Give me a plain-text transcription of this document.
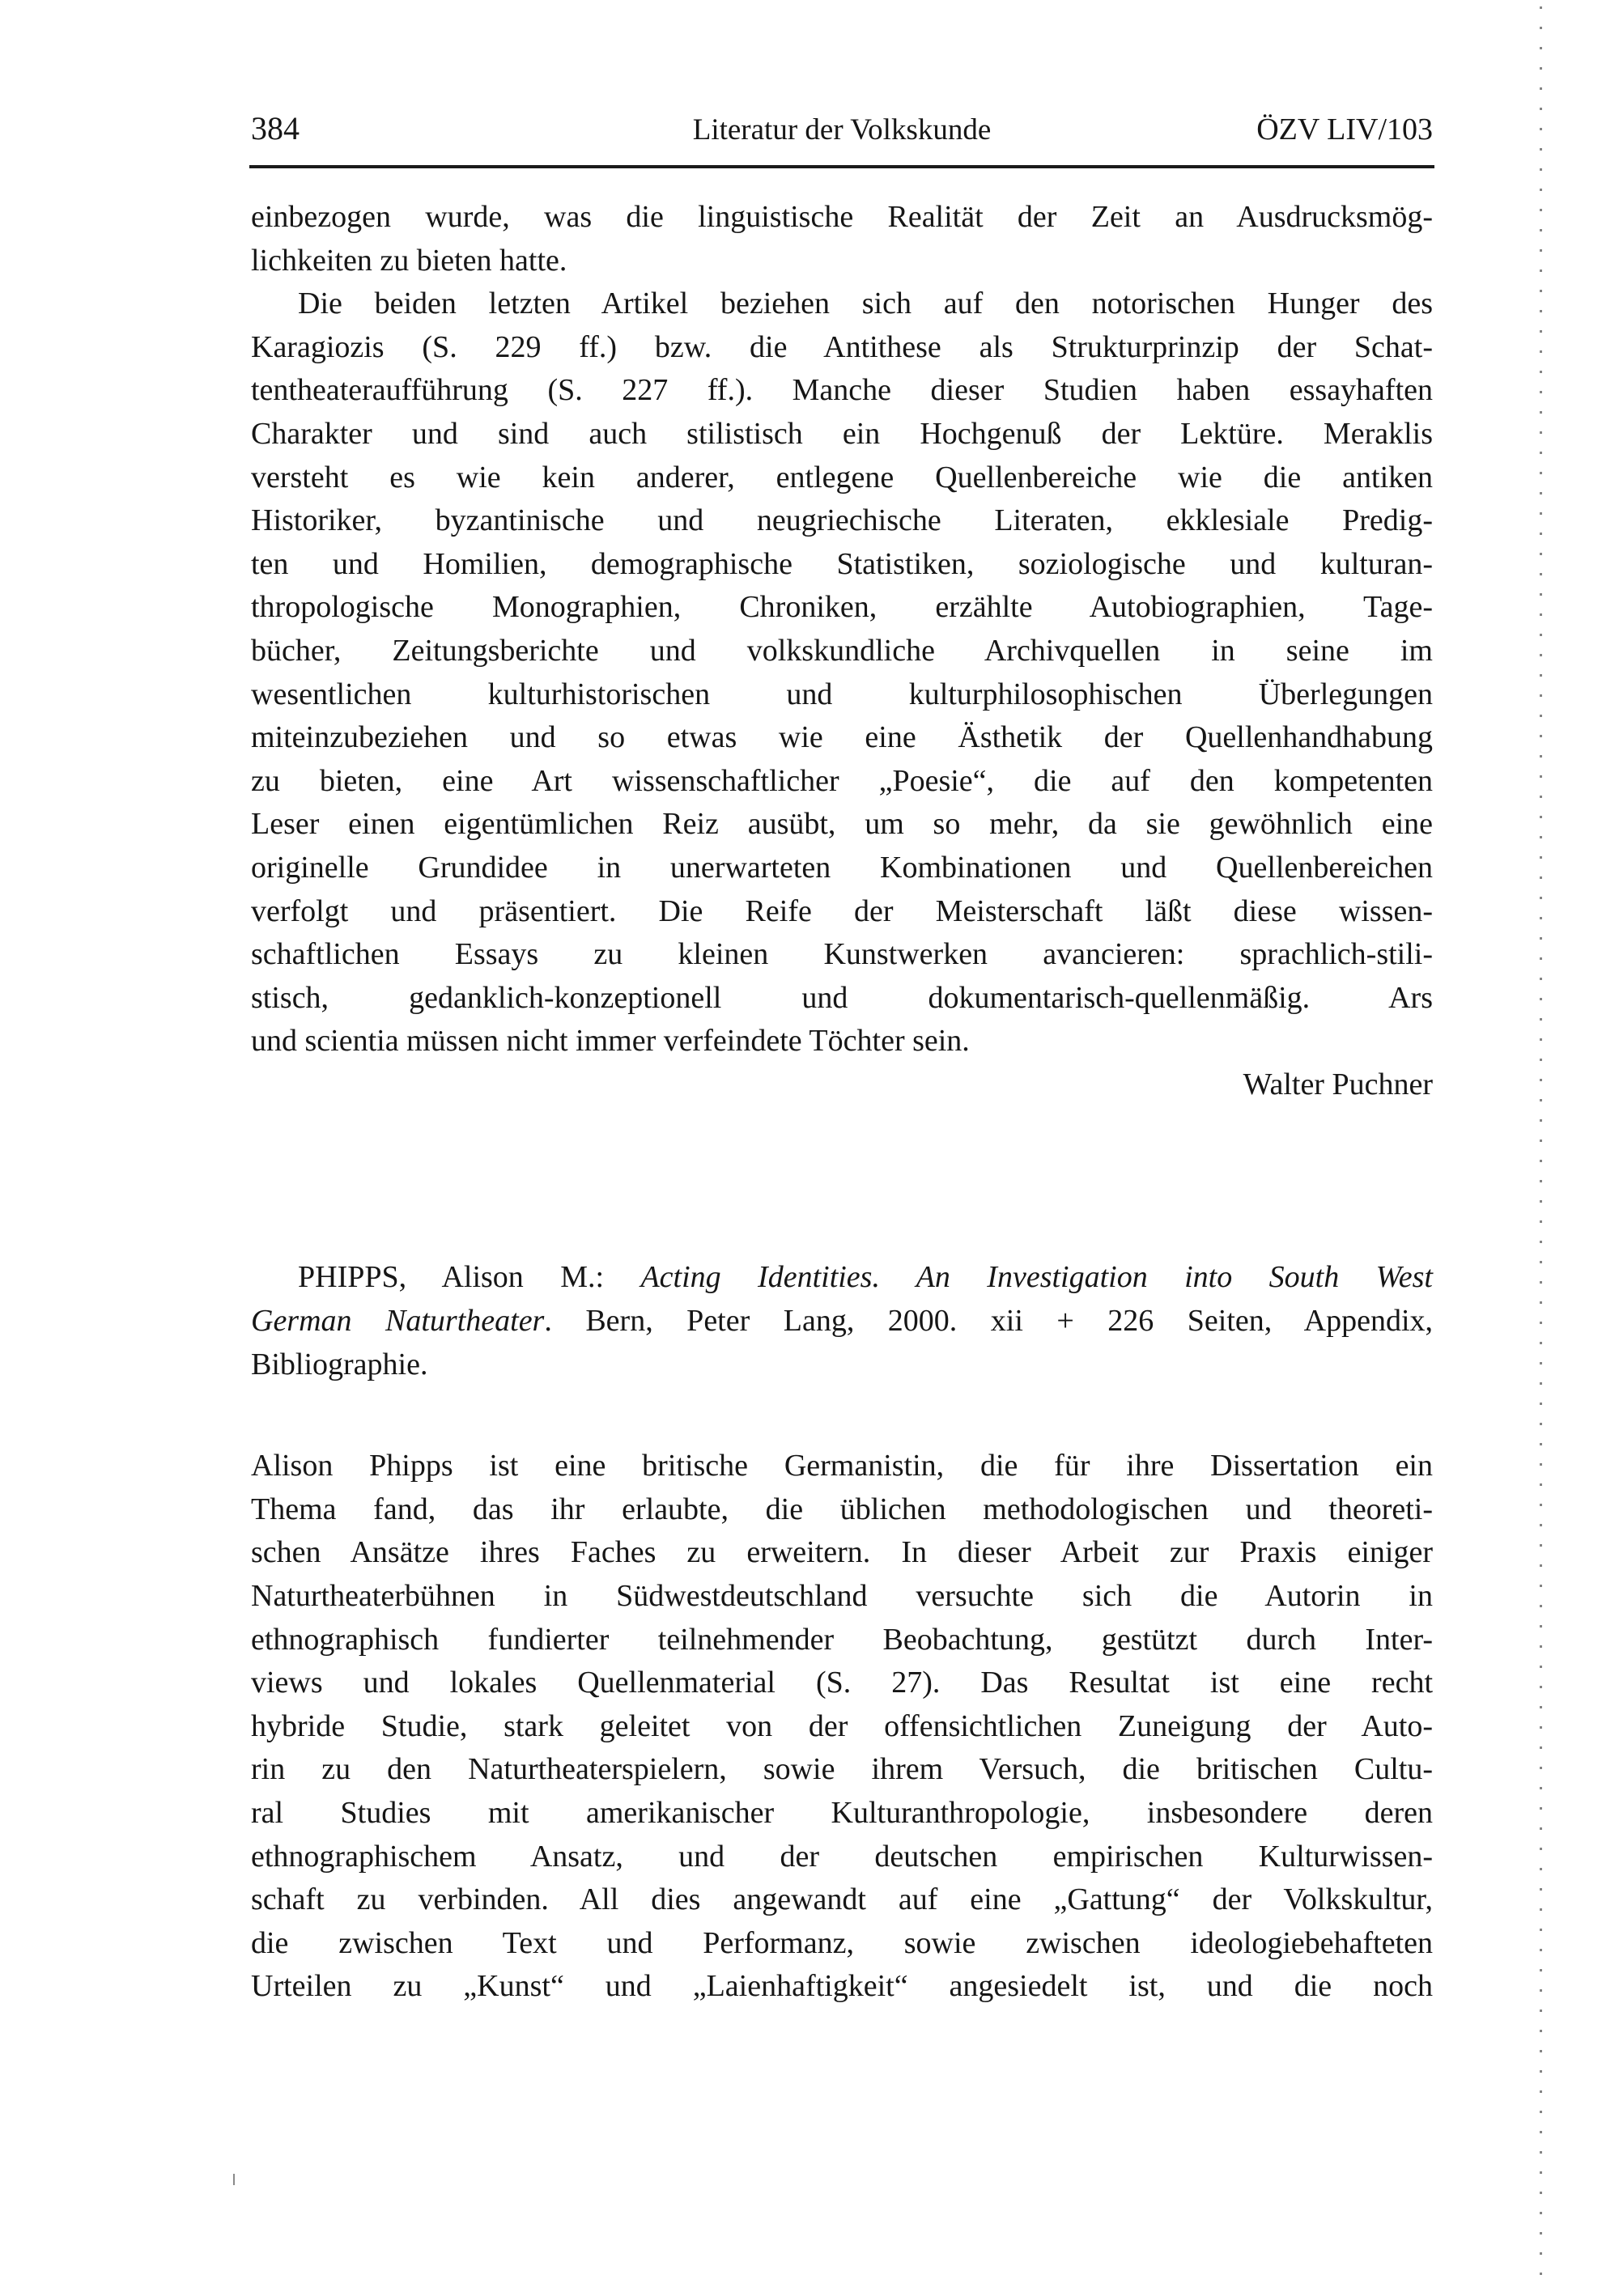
384	Literatur der Volkskunde	ÖZV LIV/103
einbezogen wurde, was die linguistische Realität der Zeit an Ausdrucksmög-
lichkeiten zu bieten hatte.
Die beiden letzten Artikel beziehen sich auf den notorischen Hunger des
Karagiozis (S. 229 ff.) bzw. die Antithese als Strukturprinzip der Schat-
tentheateraufführung (S. 227 ff.). Manche dieser Studien haben essayhaften
Charakter und sind auch stilistisch ein Hochgenuß der Lektüre. Meraklis
versteht es wie kein anderer, entlegene Quellenbereiche wie die antiken
Historiker, byzantinische und neugriechische Literaten, ekklesiale Predig-
ten und Homilien, demographische Statistiken, soziologische und kulturan-
thropologische Monographien, Chroniken, erzählte Autobiographien, Tage-
bücher, Zeitungsberichte und volkskundliche Archivquellen in seine im
wesentlichen kulturhistorischen und kulturphilosophischen Überlegungen
miteinzubeziehen und so etwas wie eine Ästhetik der Quellenhandhabung
zu bieten, eine Art wissenschaftlicher „Poesie“, die auf den kompetenten
Leser einen eigentümlichen Reiz ausübt, um so mehr, da sie gewöhnlich eine
originelle Grundidee in unerwarteten Kombinationen und Quellenbereichen
verfolgt und präsentiert. Die Reife der Meisterschaft läßt diese wissen-
schaftlichen Essays zu kleinen Kunstwerken avancieren: sprachlich-stili-
stisch, gedanklich-konzeptionell und dokumentarisch-quellenmäßig. Ars
und scientia müssen nicht immer verfeindete Töchter sein.
Walter Puchner
PHIPPS, Alison M.: Acting Identities. An Investigation into South West
German Naturtheater. Bern, Peter Lang, 2000. xii + 226 Seiten, Appendix,
Bibliographie.
Alison Phipps ist eine britische Germanistin, die für ihre Dissertation ein
Thema fand, das ihr erlaubte, die üblichen methodologischen und theoreti-
schen Ansätze ihres Faches zu erweitern. In dieser Arbeit zur Praxis einiger
Naturtheaterbühnen in Südwestdeutschland versuchte sich die Autorin in
ethnographisch fundierter teilnehmender Beobachtung, gestützt durch Inter-
views und lokales Quellenmaterial (S. 27). Das Resultat ist eine recht
hybride Studie, stark geleitet von der offensichtlichen Zuneigung der Auto-
rin zu den Naturtheaterspielern, sowie ihrem Versuch, die britischen Cultu-
ral Studies mit amerikanischer Kulturanthropologie, insbesondere deren
ethnographischem Ansatz, und der deutschen empirischen Kulturwissen-
schaft zu verbinden. All dies angewandt auf eine „Gattung“ der Volkskultur,
die zwischen Text und Performanz, sowie zwischen ideologiebehafteten
Urteilen zu „Kunst“ und „Laienhaftigkeit“ angesiedelt ist, und die noch
